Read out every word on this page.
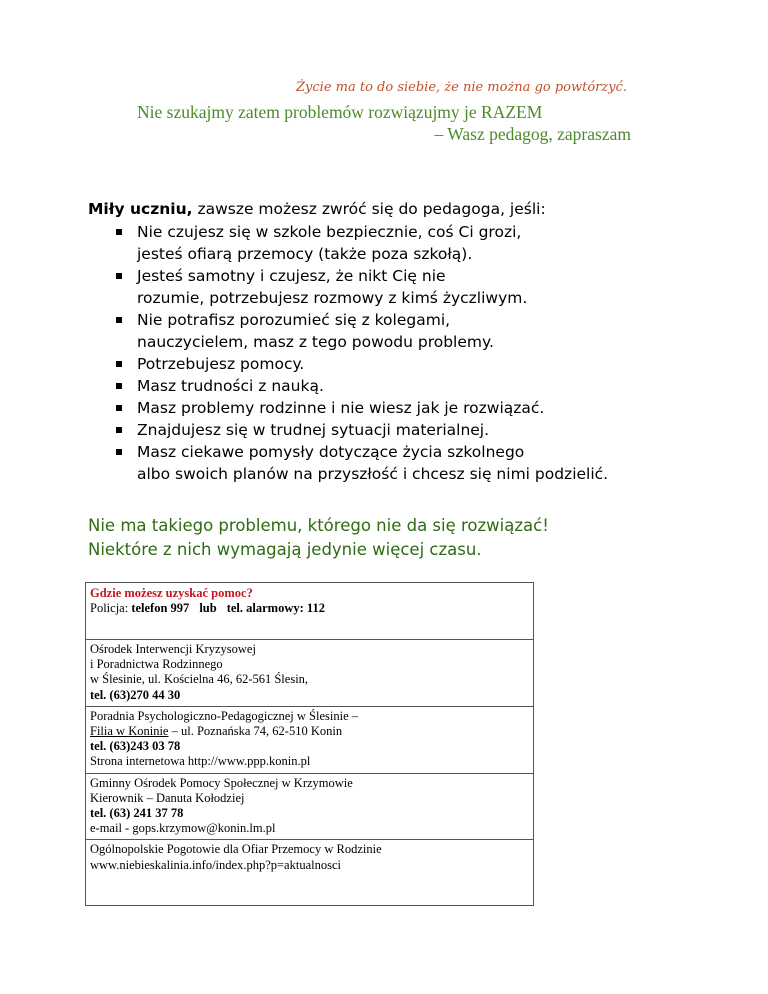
Życie ma to do siebie, że nie można go powtórzyć.
Nie szukajmy zatem problemów rozwiązujmy je RAZEM
– Wasz pedagog, zapraszam
Miły uczniu, zawsze możesz zwróć się do pedagoga, jeśli:
Nie czujesz się w szkole bezpiecznie, coś Ci grozi,
jesteś ofiarą przemocy (także poza szkołą).
Jesteś samotny i czujesz, że nikt Cię nie
rozumie, potrzebujesz rozmowy z kimś życzliwym.
Nie potrafisz porozumieć się z kolegami,
nauczycielem, masz z tego powodu problemy.
Potrzebujesz pomocy.
Masz trudności z nauką.
Masz problemy rodzinne i nie wiesz jak je rozwiązać.
Znajdujesz się w trudnej sytuacji materialnej.
Masz ciekawe pomysły dotyczące życia szkolnego
albo swoich planów na przyszłość i chcesz się nimi podzielić.
Nie ma takiego problemu, którego nie da się rozwiązać!
Niektóre z nich wymagają jedynie więcej czasu.
Gdzie możesz uzyskać pomoc?
Policja: telefon 997 lub tel. alarmowy: 112
Ośrodek Interwencji Kryzysowej
i Poradnictwa Rodzinnego
w Ślesinie, ul. Kościelna 46, 62-561 Ślesin,
tel. (63)270 44 30
Poradnia Psychologiczno-Pedagogicznej w Ślesinie –
Filia w Koninie – ul. Poznańska 74, 62-510 Konin
tel. (63)243 03 78
Strona internetowa http://www.ppp.konin.pl
Gminny Ośrodek Pomocy Społecznej w Krzymowie
Kierownik – Danuta Kołodziej
tel. (63) 241 37 78
e-mail - gops.krzymow@konin.lm.pl
Ogólnopolskie Pogotowie dla Ofiar Przemocy w Rodzinie
www.niebieskalinia.info/index.php?p=aktualnosci
